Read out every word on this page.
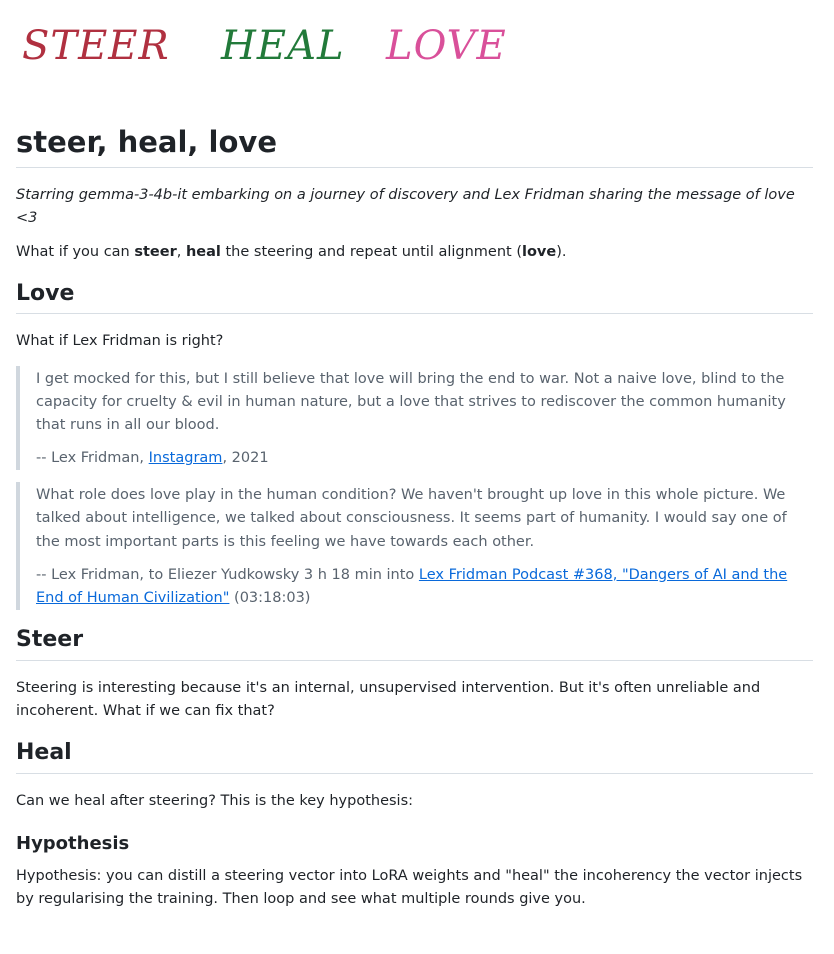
STEER HEAL LOVE
steer, heal, love

Starring gemma-3-4b-it embarking on a journey of discovery and Lex Fridman sharing the message of love <3

What if you can steer, heal the steering and repeat until alignment (love).

Love

What if Lex Fridman is right?

I get mocked for this, but I still believe that love will bring the end to war. Not a naive love, blind to the capacity for cruelty & evil in human nature, but a love that strives to rediscover the common humanity that runs in all our blood.

-- Lex Fridman, Instagram, 2021

What role does love play in the human condition? We haven't brought up love in this whole picture. We talked about intelligence, we talked about consciousness. It seems part of humanity. I would say one of the most important parts is this feeling we have towards each other.

-- Lex Fridman, to Eliezer Yudkowsky 3 h 18 min into Lex Fridman Podcast #368, "Dangers of AI and the End of Human Civilization" (03:18:03)

Steer

Steering is interesting because it's an internal, unsupervised intervention. But it's often unreliable and incoherent. What if we can fix that?

Heal

Can we heal after steering? This is the key hypothesis:

Hypothesis

Hypothesis: you can distill a steering vector into LoRA weights and "heal" the incoherency the vector injects by regularising the training. Then loop and see what multiple rounds give you.
